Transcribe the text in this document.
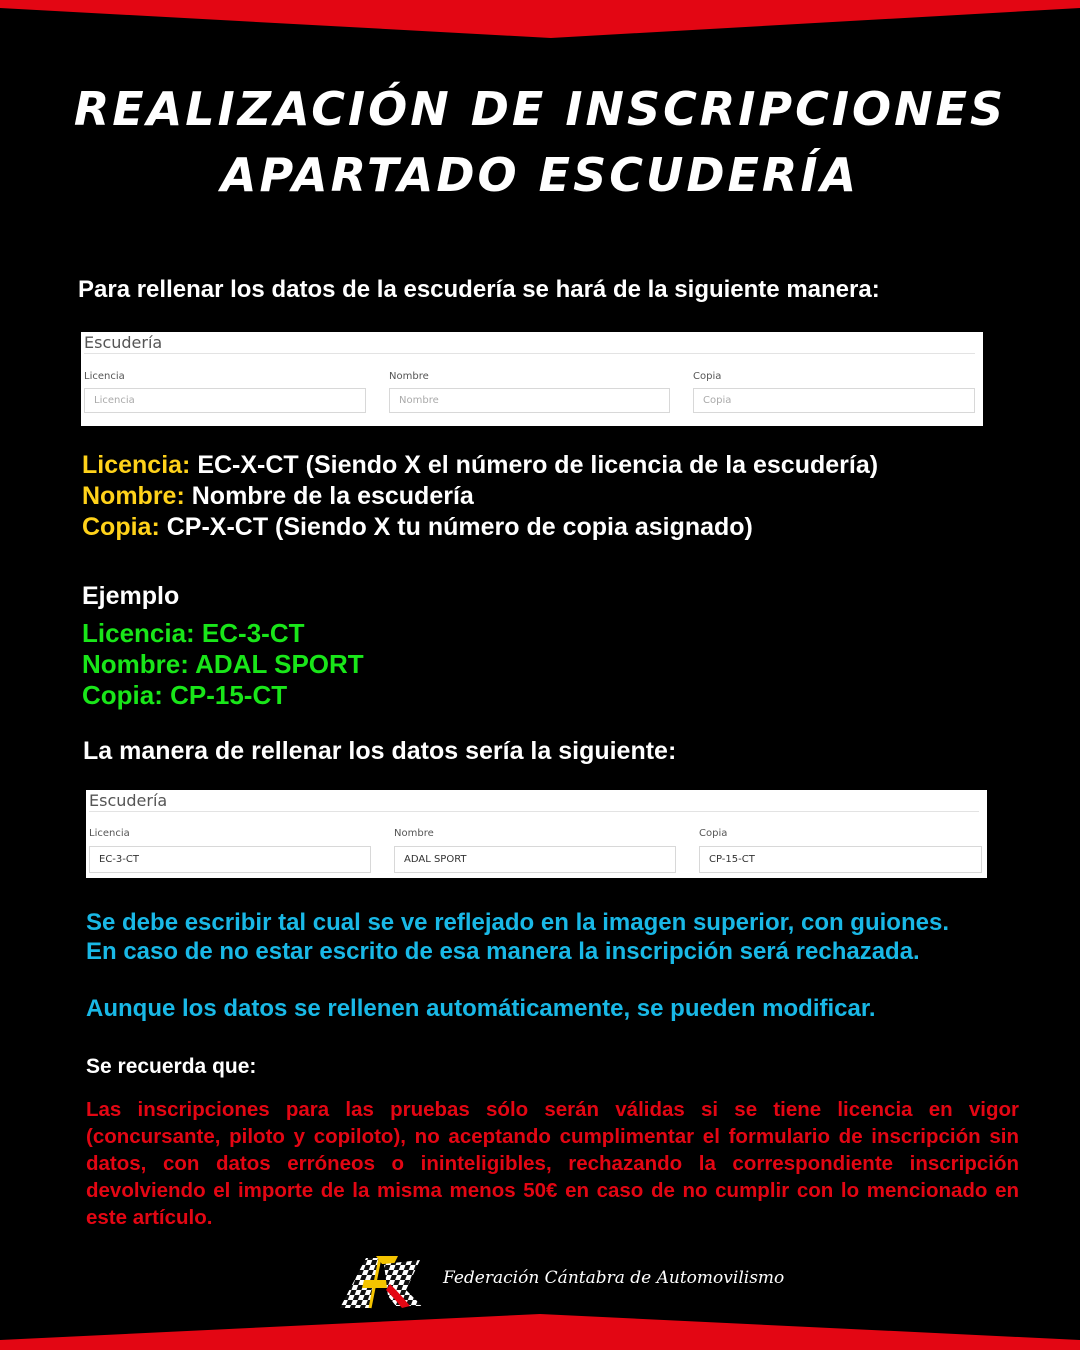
REALIZACIÓN DE INSCRIPCIONES
APARTADO ESCUDERÍA
Para rellenar los datos de la escudería se hará de la siguiente manera:
Escudería
Licencia
Licencia
Nombre
Nombre
Copia
Copia
Licencia: EC-X-CT (Siendo X el número de licencia de la escudería)
Nombre: Nombre de la escudería
Copia: CP-X-CT (Siendo X tu número de copia asignado)
Ejemplo
Licencia: EC-3-CT
Nombre: ADAL SPORT
Copia: CP-15-CT
La manera de rellenar los datos sería la siguiente:
Escudería
Licencia
EC-3-CT
Nombre
ADAL SPORT
Copia
CP-15-CT
Se debe escribir tal cual se ve reflejado en la imagen superior, con guiones.
En caso de no estar escrito de esa manera la inscripción será rechazada.
Aunque los datos se rellenen automáticamente, se pueden modificar.
Se recuerda que:
Las inscripciones para las pruebas sólo serán válidas si se tiene licencia en vigor (concursante, piloto y copiloto), no aceptando cumplimentar el formulario de inscripción sin datos, con datos erróneos o ininteligibles, rechazando la correspondiente inscripción devolviendo el importe de la misma menos 50€ en caso de no cumplir con lo mencionado en este artículo.
Federación Cántabra de Automovilismo
